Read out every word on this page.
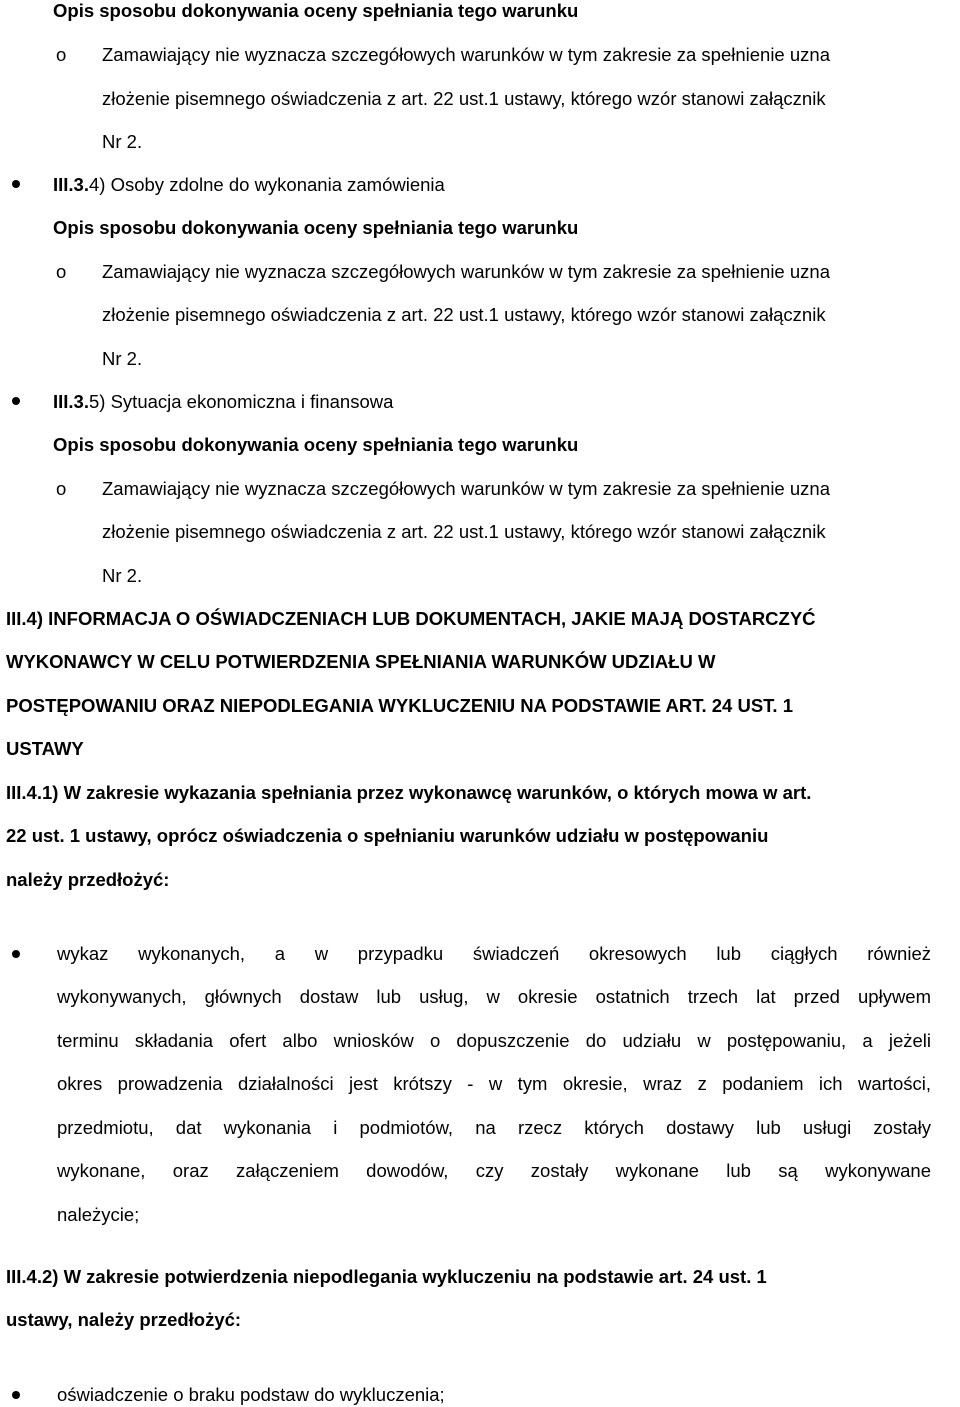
Opis sposobu dokonywania oceny spełniania tego warunku
o Zamawiający nie wyznacza szczegółowych warunków w tym zakresie za spełnienie uzna
złożenie pisemnego oświadczenia z art. 22 ust.1 ustawy, którego wzór stanowi załącznik
Nr 2.
III.3.4) Osoby zdolne do wykonania zamówienia
Opis sposobu dokonywania oceny spełniania tego warunku
o Zamawiający nie wyznacza szczegółowych warunków w tym zakresie za spełnienie uzna
złożenie pisemnego oświadczenia z art. 22 ust.1 ustawy, którego wzór stanowi załącznik
Nr 2.
III.3.5) Sytuacja ekonomiczna i finansowa
Opis sposobu dokonywania oceny spełniania tego warunku
o Zamawiający nie wyznacza szczegółowych warunków w tym zakresie za spełnienie uzna
złożenie pisemnego oświadczenia z art. 22 ust.1 ustawy, którego wzór stanowi załącznik
Nr 2.
III.4) INFORMACJA O OŚWIADCZENIACH LUB DOKUMENTACH, JAKIE MAJĄ DOSTARCZYĆ
WYKONAWCY W CELU POTWIERDZENIA SPEŁNIANIA WARUNKÓW UDZIAŁU W
POSTĘPOWANIU ORAZ NIEPODLEGANIA WYKLUCZENIU NA PODSTAWIE ART. 24 UST. 1
USTAWY
III.4.1) W zakresie wykazania spełniania przez wykonawcę warunków, o których mowa w art.
22 ust. 1 ustawy, oprócz oświadczenia o spełnianiu warunków udziału w postępowaniu
należy przedłożyć:
wykaz wykonanych, a w przypadku świadczeń okresowych lub ciągłych również
wykonywanych, głównych dostaw lub usług, w okresie ostatnich trzech lat przed upływem
terminu składania ofert albo wniosków o dopuszczenie do udziału w postępowaniu, a jeżeli
okres prowadzenia działalności jest krótszy - w tym okresie, wraz z podaniem ich wartości,
przedmiotu, dat wykonania i podmiotów, na rzecz których dostawy lub usługi zostały
wykonane, oraz załączeniem dowodów, czy zostały wykonane lub są wykonywane
należycie;
III.4.2) W zakresie potwierdzenia niepodlegania wykluczeniu na podstawie art. 24 ust. 1
ustawy, należy przedłożyć:
oświadczenie o braku podstaw do wykluczenia;
